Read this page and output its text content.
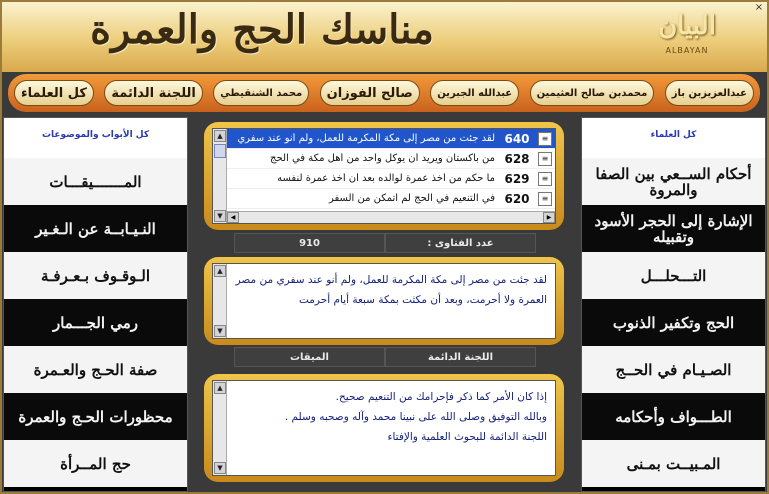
مناسك الحج والعمرة	البيان
ALBAYAN
×
عبدالعزيزبن باز
محمدبن صالح العثيمين
عبدالله الجبرين
صالح الفوزان
محمد الشنقيطي
اللجنة الدائمة
كل العلماء
كل الأبواب والموضوعات
المـــــــيقـــات
النـيـابــة عن الـغـير
الـوقـوف بـعـرفـة
رمي الجـــمار
صفة الحـج والعـمرة
محظورات الحـج والعمرة
حج المــرأة
كل العلماء
أحكام الســعي بين الصفا والمروة
الإشارة إلى الحجر الأسود وتقبيله
التـــحلـــل
الحج وتكفير الذنوب
الصـيـام في الحــج
الطـــواف وأحكامه
المـبيــت بمـنى
▲
▼
≡
640
لقد جئت من مصر إلى مكة المكرمة للعمل، ولم أنو عند سفري
≡
628
من باكستان ويريد أن يوكل واحد من أهل مكة في الحج
≡
629
ما حكم من أخذ عمرة لوالده بعد أن أخذ عمرة لنفسه
≡
620
في التنعيم في الحج لم أتمكن من السفر
◀	▶
910	عدد الفتاوى :
▲
▼
لقد جئت من مصر إلى مكة المكرمة للعمل، ولم أنو عند سفري من مصر العمرة ولا أحرمت، وبعد أن مكثت بمكة سبعة أيام أحرمت
الميقات	اللجنة الدائمة
▲
▼
إذا كان الأمر كما ذكر فإحرامك من التنعيم صحيح.
وبالله التوفيق وصلى الله على نبينا محمد وآله وصحبه وسلم .
اللجنة الدائمة للبحوث العلمية والإفتاء
